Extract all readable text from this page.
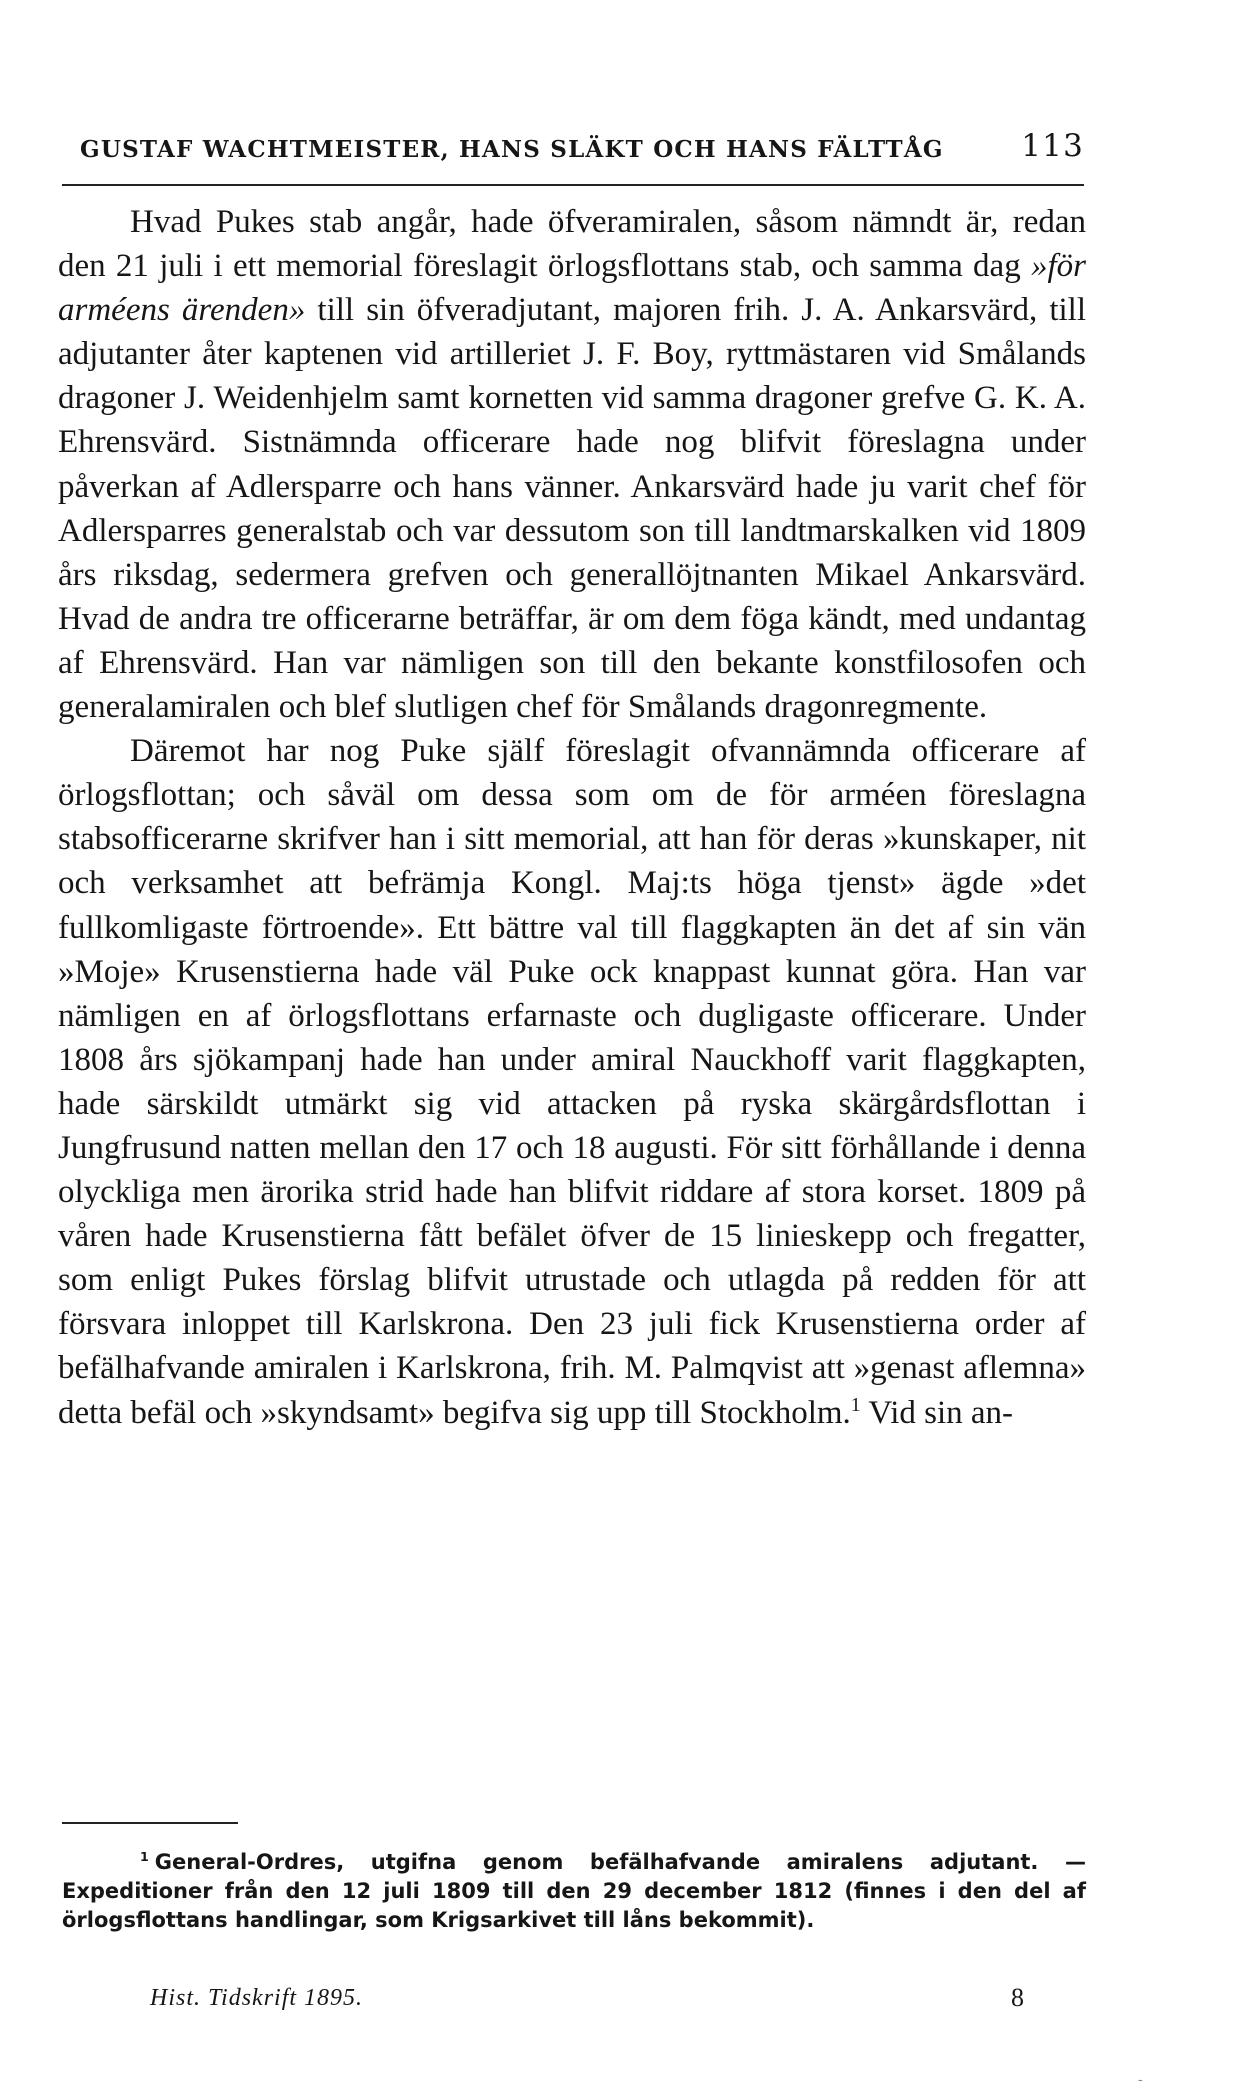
GUSTAF WACHTMEISTER, HANS SLÄKT OCH HANS FÄLTTÅG	113

Hvad Pukes stab angår, hade öfveramiralen, såsom nämndt är, redan den 21 juli i ett memorial föreslagit örlogsflottans stab, och samma dag »för arméens ärenden» till sin öfveradjutant, majoren frih. J. A. Ankarsvärd, till adjutanter åter kaptenen vid artilleriet J. F. Boy, ryttmästaren vid Smålands dragoner J. Weidenhjelm samt kornetten vid samma dragoner grefve G. K. A. Ehrensvärd. Sistnämnda officerare hade nog blifvit föreslagna under påverkan af Adlersparre och hans vänner. Ankarsvärd hade ju varit chef för Adlersparres generalstab och var dessutom son till landtmarskalken vid 1809 års riksdag, sedermera grefven och generallöjtnanten Mikael Ankarsvärd. Hvad de andra tre officerarne beträffar, är om dem föga kändt, med undantag af Ehrensvärd. Han var nämligen son till den bekante konstfilosofen och generalamiralen och blef slutligen chef för Smålands dragonregmente.

Däremot har nog Puke själf föreslagit ofvannämnda officerare af örlogsflottan; och såväl om dessa som om de för arméen föreslagna stabsofficerarne skrifver han i sitt memorial, att han för deras »kunskaper, nit och verksamhet att befrämja Kongl. Maj:ts höga tjenst» ägde »det fullkomligaste förtroende». Ett bättre val till flaggkapten än det af sin vän »Moje» Krusenstierna hade väl Puke ock knappast kunnat göra. Han var nämligen en af örlogsflottans erfarnaste och dugligaste officerare. Under 1808 års sjökampanj hade han under amiral Nauckhoff varit flaggkapten, hade särskildt utmärkt sig vid attacken på ryska skärgårdsflottan i Jungfrusund natten mellan den 17 och 18 augusti. För sitt förhållande i denna olyckliga men ärorika strid hade han blifvit riddare af stora korset. 1809 på våren hade Krusenstierna fått befälet öfver de 15 linieskepp och fregatter, som enligt Pukes förslag blifvit utrustade och utlagda på redden för att försvara inloppet till Karlskrona. Den 23 juli fick Krusenstierna order af befälhafvande amiralen i Karlskrona, frih. M. Palmqvist att »genast aflemna» detta befäl och »skyndsamt» begifva sig upp till Stockholm.$^1$ Vid sin an-

$^1$ General-Ordres, utgifna genom befälhafvande amiralens adjutant. — Expeditioner från den 12 juli 1809 till den 29 december 1812 (finnes i den del af örlogsflottans handlingar, som Krigsarkivet till låns bekommit).

Hist. Tidskrift 1895.	8
-
